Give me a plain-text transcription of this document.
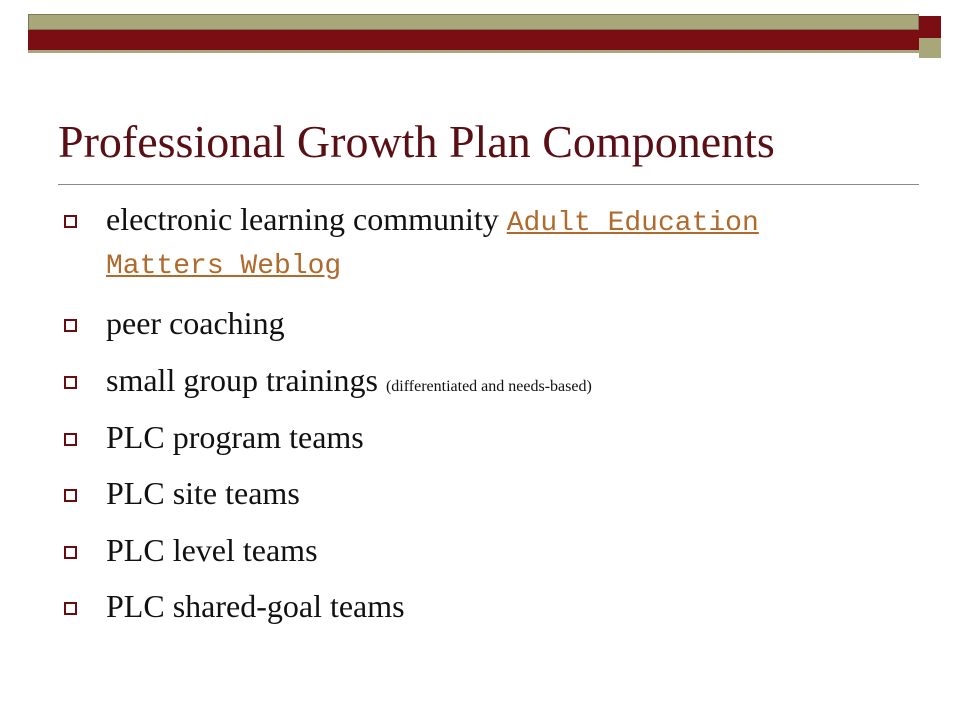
Professional Growth Plan Components
electronic learning community Adult Education Matters Weblog
peer coaching
small group trainings (differentiated and needs-based)
PLC program teams
PLC site teams
PLC level teams
PLC shared-goal teams
